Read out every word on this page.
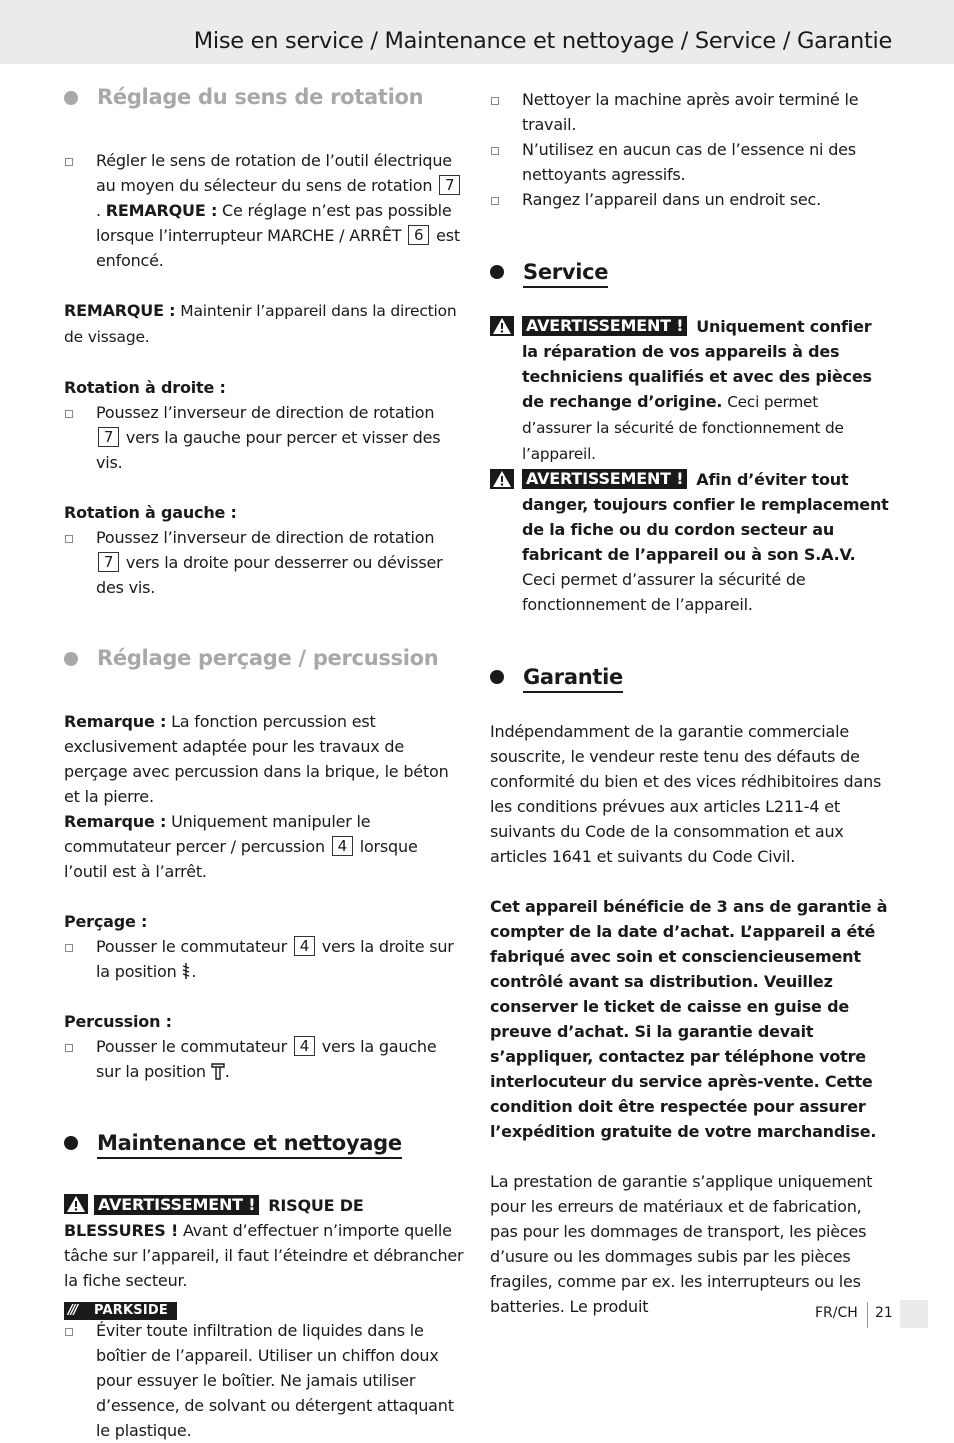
Mise en service / Maintenance et nettoyage / Service / Garantie
Réglage du sens de rotation
Régler le sens de rotation de l’outil électrique au moyen du sélecteur du sens de rotation 7. REMARQUE : Ce réglage n’est pas possible lorsque l’interrupteur MARCHE / ARRÊT 6 est enfoncé.
REMARQUE : Maintenir l’appareil dans la direction de vissage.
Rotation à droite :
Poussez l’inverseur de direction de rotation 7 vers la gauche pour percer et visser des vis.
Rotation à gauche :
Poussez l’inverseur de direction de rotation 7 vers la droite pour desserrer ou dévisser des vis.
Réglage perçage / percussion
Remarque : La fonction percussion est exclusivement adaptée pour les travaux de perçage avec percussion dans la brique, le béton et la pierre.
Remarque : Uniquement manipuler le commutateur percer / percussion 4 lorsque l’outil est à l’arrêt.
Perçage :
Pousser le commutateur 4 vers la droite sur la position .
Percussion :
Pousser le commutateur 4 vers la gauche sur la position .
Maintenance et nettoyage
AVERTISSEMENT ! RISQUE DE BLESSURES ! Avant d’effectuer n’importe quelle tâche sur l’appareil, il faut l’éteindre et débrancher la fiche secteur.
Éviter toute infiltration de liquides dans le boîtier de l’appareil. Utiliser un chiffon doux pour essuyer le boîtier. Ne jamais utiliser d’essence, de solvant ou détergent attaquant le plastique.
Nettoyer la machine après avoir terminé le travail.
N’utilisez en aucun cas de l’essence ni des nettoyants agressifs.
Rangez l’appareil dans un endroit sec.
Service
AVERTISSEMENT ! Uniquement confier la réparation de vos appareils à des techniciens qualifiés et avec des pièces de rechange d’origine. Ceci permet d’assurer la sécurité de fonctionnement de l’appareil.
AVERTISSEMENT ! Afin d’éviter tout danger, toujours confier le remplacement de la fiche ou du cordon secteur au fabricant de l’appareil ou à son S.A.V. Ceci permet d’assurer la sécurité de fonctionnement de l’appareil.
Garantie
Indépendamment de la garantie commerciale souscrite, le vendeur reste tenu des défauts de conformité du bien et des vices rédhibitoires dans les conditions prévues aux articles L211-4 et suivants du Code de la consommation et aux articles 1641 et suivants du Code Civil.
Cet appareil bénéficie de 3 ans de garantie à compter de la date d’achat. L’appareil a été fabriqué avec soin et consciencieusement contrôlé avant sa distribution. Veuillez conserver le ticket de caisse en guise de preuve d’achat. Si la garantie devait s’appliquer, contactez par téléphone votre interlocuteur du service après-vente. Cette condition doit être respectée pour assurer l’expédition gratuite de votre marchandise.
La prestation de garantie s’applique uniquement pour les erreurs de matériaux et de fabrication, pas pour les dommages de transport, les pièces d’usure ou les dommages subis par les pièces fragiles, comme par ex. les interrupteurs ou les batteries. Le produit
/// PARKSIDE	FR/CH 21
